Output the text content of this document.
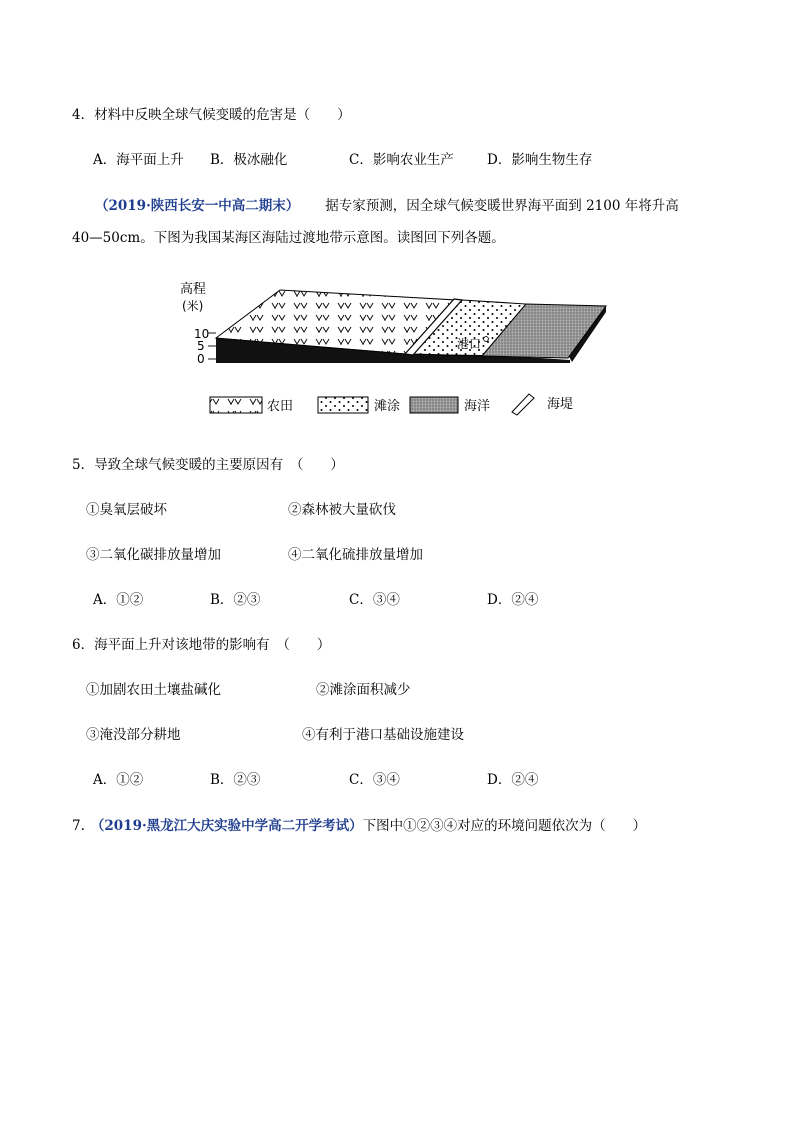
4．材料中反映全球气候变暖的危害是（　　）
A．海平面上升 B．极冰融化	C．影响农业生产 D．影响生物生存
（2019·陕西长安一中高二期末） 据专家预测，因全球气候变暖世界海平面到 2100 年将升高
40—50cm。下图为我国某海区海陆过渡地带示意图。读图回下列各题。
高程
(米)
10
5
0
港口
农田	滩涂	海洋	海堤
5．导致全球气候变暖的主要原因有　（　　）
①臭氧层破坏	②森林被大量砍伐
③二氧化碳排放量增加	④二氧化硫排放量增加
A．①②	B．②③	C．③④	D．②④
6．海平面上升对该地带的影响有　（　　）
①加剧农田土壤盐碱化	②滩涂面积减少
③淹没部分耕地	④有利于港口基础设施建设
A．①②	B．②③	C．③④	D．②④
7. （2019·黑龙江大庆实验中学高二开学考试）下图中①②③④对应的环境问题依次为（　　）
